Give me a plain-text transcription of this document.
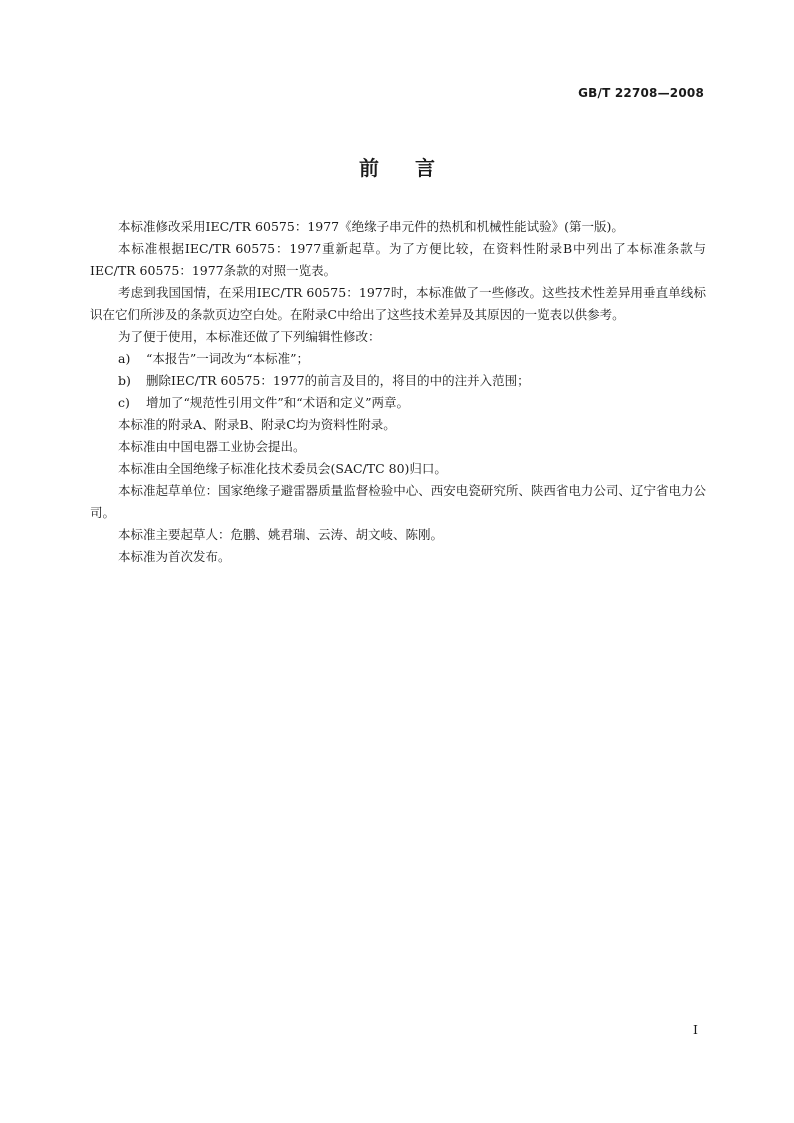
GB/T 22708—2008
前言

本标准修改采用IEC/TR 60575：1977《绝缘子串元件的热机和机械性能试验》(第一版)。

本标准根据IEC/TR 60575：1977重新起草。为了方便比较，在资料性附录B中列出了本标准条款与IEC/TR 60575：1977条款的对照一览表。

考虑到我国国情，在采用IEC/TR 60575：1977时，本标准做了一些修改。这些技术性差异用垂直单线标识在它们所涉及的条款页边空白处。在附录C中给出了这些技术差异及其原因的一览表以供参考。

为了便于使用，本标准还做了下列编辑性修改：

a) “本报告”一词改为“本标准”；

b) 删除IEC/TR 60575：1977的前言及目的，将目的中的注并入范围；

c) 增加了“规范性引用文件”和“术语和定义”两章。

本标准的附录A、附录B、附录C均为资料性附录。

本标准由中国电器工业协会提出。

本标准由全国绝缘子标准化技术委员会(SAC/TC 80)归口。

本标准起草单位：国家绝缘子避雷器质量监督检验中心、西安电瓷研究所、陕西省电力公司、辽宁省电力公司。

本标准主要起草人：危鹏、姚君瑞、云涛、胡文岐、陈刚。

本标准为首次发布。

I
